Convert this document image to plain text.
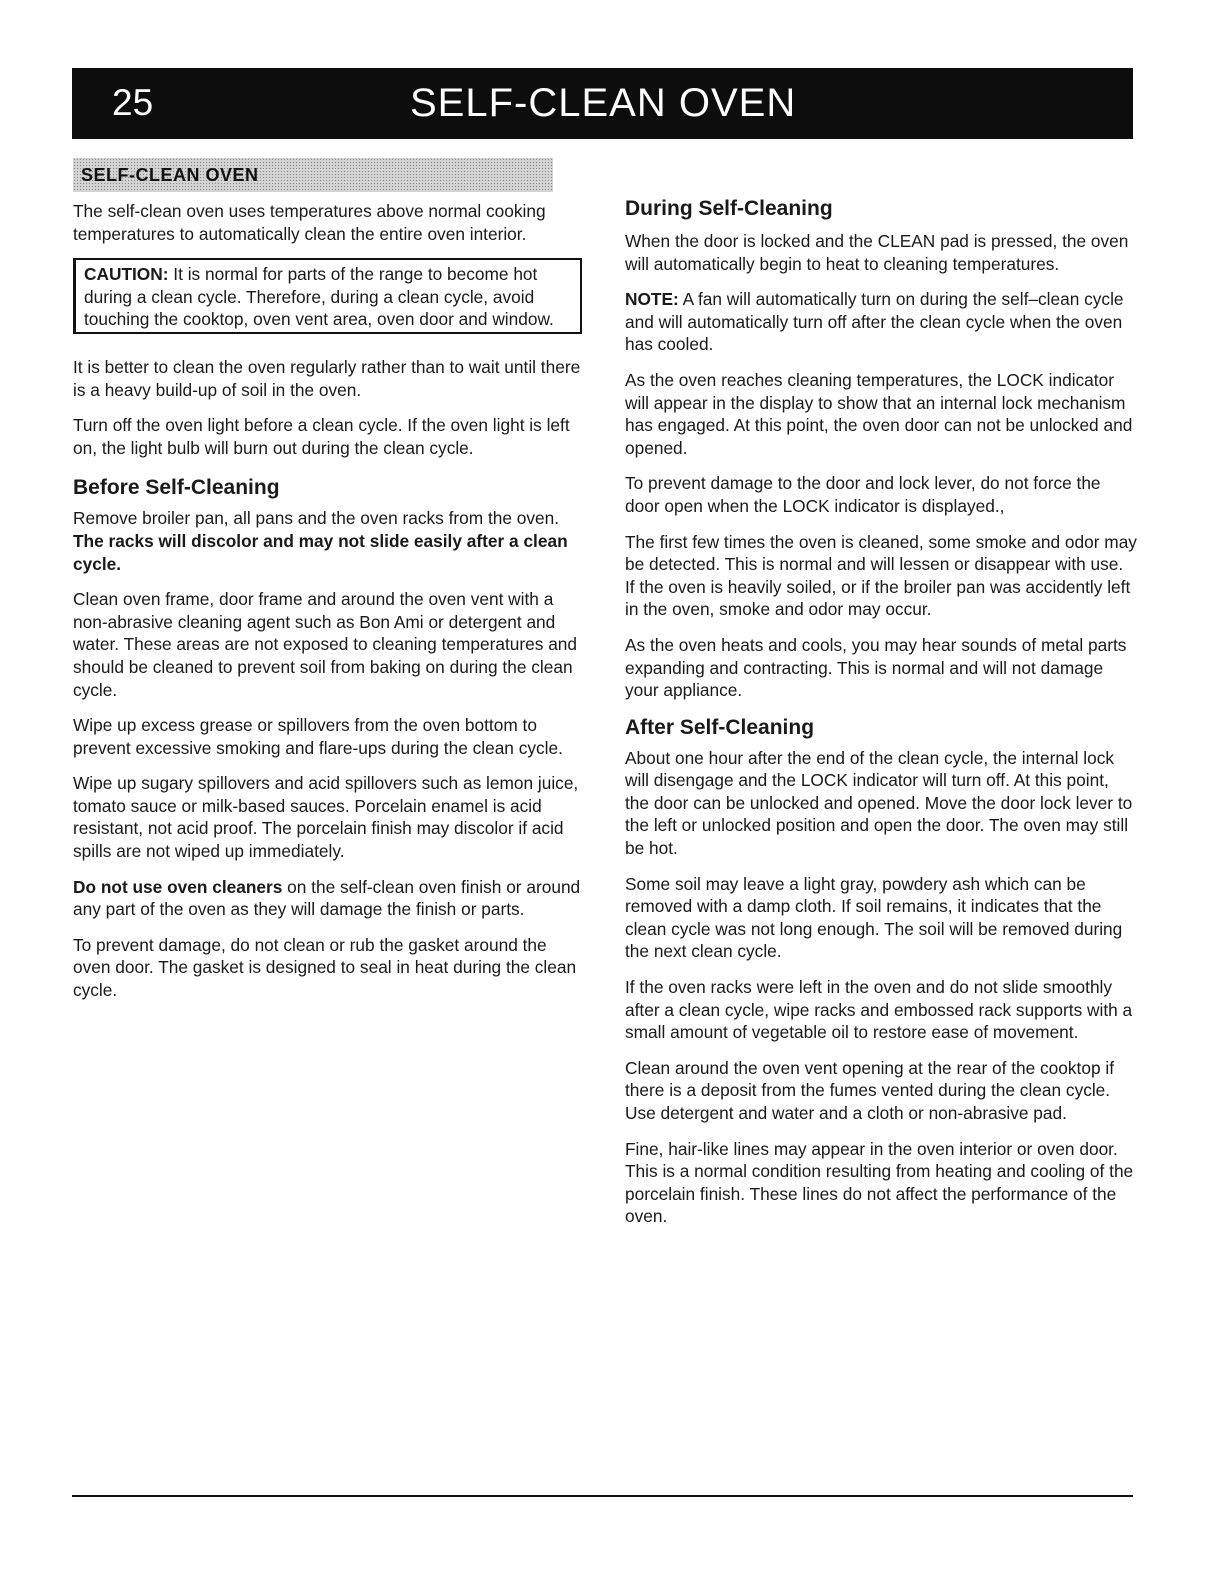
25	SELF-CLEAN OVEN
SELF-CLEAN OVEN

The self-clean oven uses temperatures above normal cooking temperatures to automatically clean the entire oven interior.

CAUTION: It is normal for parts of the range to become hot during a clean cycle. Therefore, during a clean cycle, avoid touching the cooktop, oven vent area, oven door and window.

It is better to clean the oven regularly rather than to wait until there is a heavy build-up of soil in the oven.

Turn off the oven light before a clean cycle. If the oven light is left on, the light bulb will burn out during the clean cycle.

Before Self-Cleaning

Remove broiler pan, all pans and the oven racks from the oven. The racks will discolor and may not slide easily after a clean cycle.

Clean oven frame, door frame and around the oven vent with a non-abrasive cleaning agent such as Bon Ami or detergent and water. These areas are not exposed to cleaning temperatures and should be cleaned to prevent soil from baking on during the clean cycle.

Wipe up excess grease or spillovers from the oven bottom to prevent excessive smoking and flare-ups during the clean cycle.

Wipe up sugary spillovers and acid spillovers such as lemon juice, tomato sauce or milk-based sauces. Porcelain enamel is acid resistant, not acid proof. The porcelain finish may discolor if acid spills are not wiped up immediately.

Do not use oven cleaners on the self-clean oven finish or around any part of the oven as they will damage the finish or parts.

To prevent damage, do not clean or rub the gasket around the oven door. The gasket is designed to seal in heat during the clean cycle.

During Self-Cleaning

When the door is locked and the CLEAN pad is pressed, the oven will automatically begin to heat to cleaning temperatures.

NOTE: A fan will automatically turn on during the self–clean cycle and will automatically turn off after the clean cycle when the oven has cooled.

As the oven reaches cleaning temperatures, the LOCK indicator will appear in the display to show that an internal lock mechanism has engaged. At this point, the oven door can not be unlocked and opened.

To prevent damage to the door and lock lever, do not force the door open when the LOCK indicator is displayed.,

The first few times the oven is cleaned, some smoke and odor may be detected. This is normal and will lessen or disappear with use. If the oven is heavily soiled, or if the broiler pan was accidently left in the oven, smoke and odor may occur.

As the oven heats and cools, you may hear sounds of metal parts expanding and contracting. This is normal and will not damage your appliance.

After Self-Cleaning

About one hour after the end of the clean cycle, the internal lock will disengage and the LOCK indicator will turn off. At this point, the door can be unlocked and opened. Move the door lock lever to the left or unlocked position and open the door. The oven may still be hot.

Some soil may leave a light gray, powdery ash which can be removed with a damp cloth. If soil remains, it indicates that the clean cycle was not long enough. The soil will be removed during the next clean cycle.

If the oven racks were left in the oven and do not slide smoothly after a clean cycle, wipe racks and embossed rack supports with a small amount of vegetable oil to restore ease of movement.

Clean around the oven vent opening at the rear of the cooktop if there is a deposit from the fumes vented during the clean cycle. Use detergent and water and a cloth or non-abrasive pad.

Fine, hair-like lines may appear in the oven interior or oven door. This is a normal condition resulting from heating and cooling of the porcelain finish. These lines do not affect the performance of the oven.
